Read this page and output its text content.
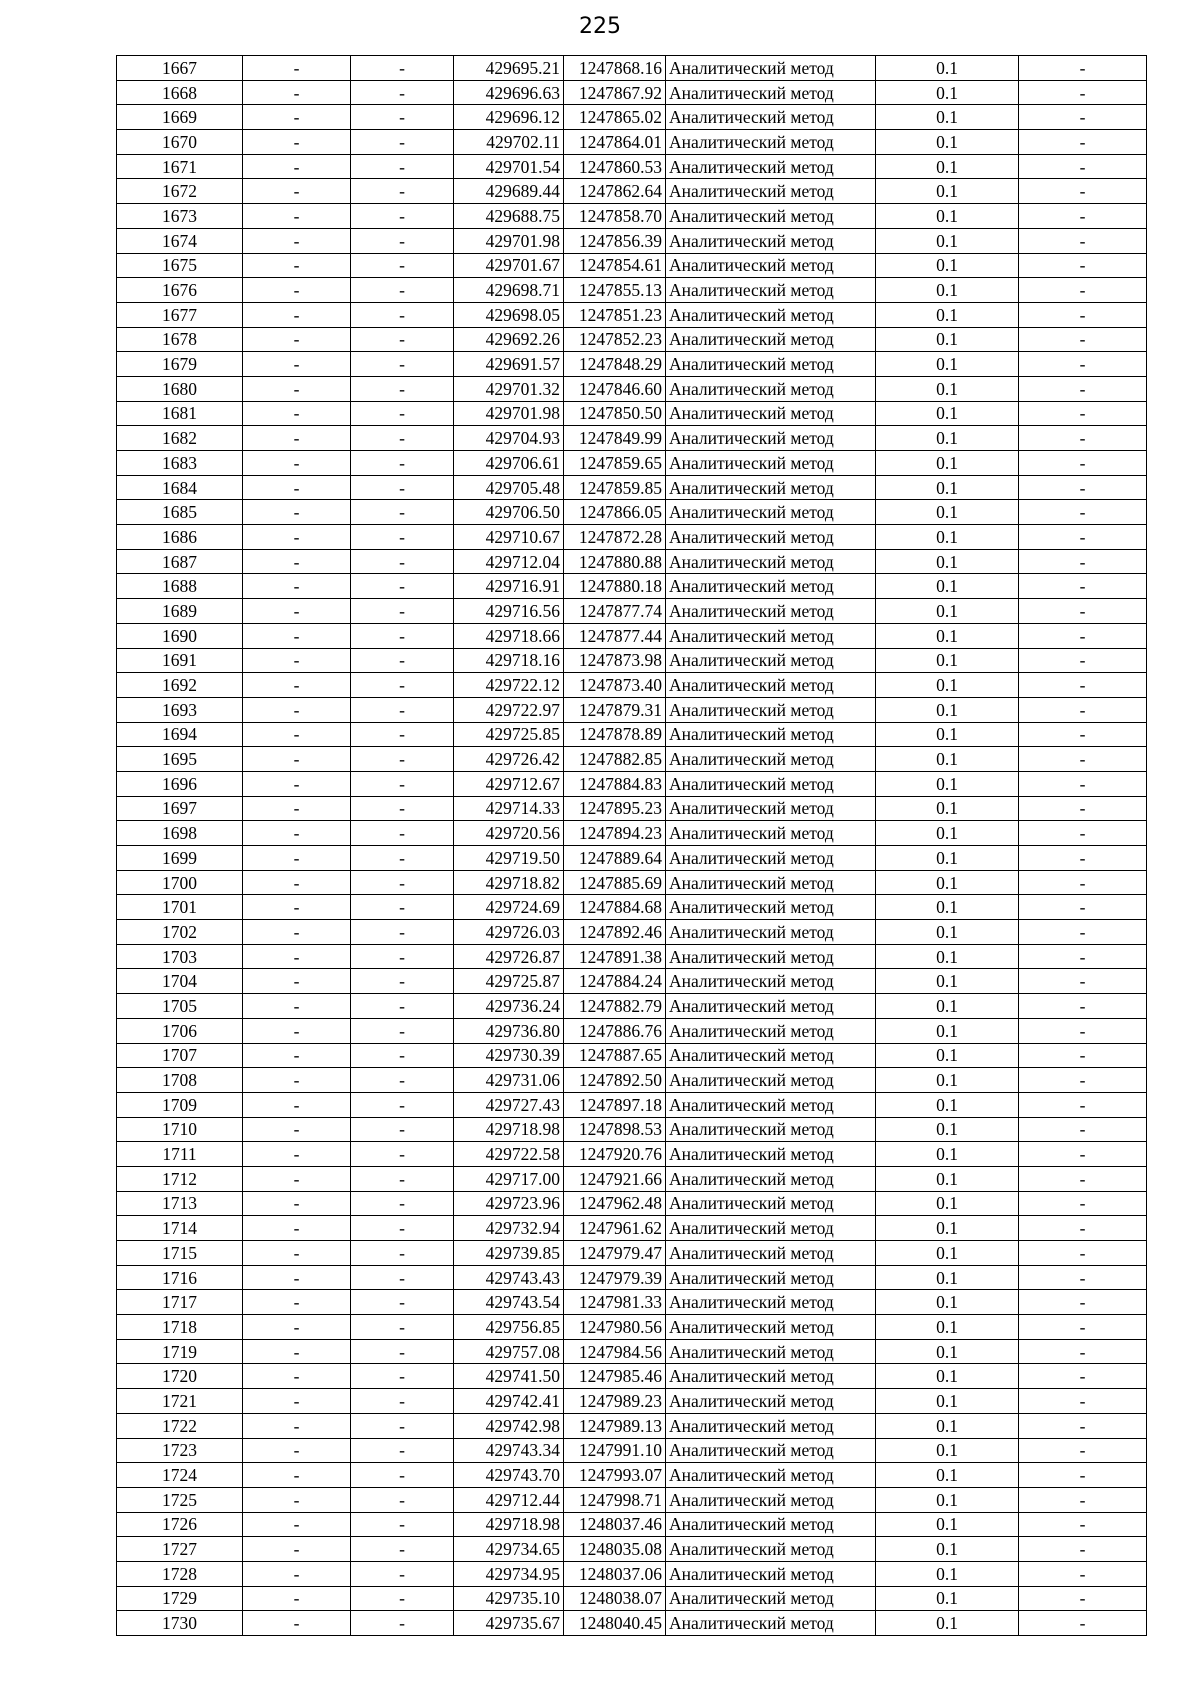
225
1667	-	-	429695.21	1247868.16	Аналитический метод	0.1	-
1668	-	-	429696.63	1247867.92	Аналитический метод	0.1	-
1669	-	-	429696.12	1247865.02	Аналитический метод	0.1	-
1670	-	-	429702.11	1247864.01	Аналитический метод	0.1	-
1671	-	-	429701.54	1247860.53	Аналитический метод	0.1	-
1672	-	-	429689.44	1247862.64	Аналитический метод	0.1	-
1673	-	-	429688.75	1247858.70	Аналитический метод	0.1	-
1674	-	-	429701.98	1247856.39	Аналитический метод	0.1	-
1675	-	-	429701.67	1247854.61	Аналитический метод	0.1	-
1676	-	-	429698.71	1247855.13	Аналитический метод	0.1	-
1677	-	-	429698.05	1247851.23	Аналитический метод	0.1	-
1678	-	-	429692.26	1247852.23	Аналитический метод	0.1	-
1679	-	-	429691.57	1247848.29	Аналитический метод	0.1	-
1680	-	-	429701.32	1247846.60	Аналитический метод	0.1	-
1681	-	-	429701.98	1247850.50	Аналитический метод	0.1	-
1682	-	-	429704.93	1247849.99	Аналитический метод	0.1	-
1683	-	-	429706.61	1247859.65	Аналитический метод	0.1	-
1684	-	-	429705.48	1247859.85	Аналитический метод	0.1	-
1685	-	-	429706.50	1247866.05	Аналитический метод	0.1	-
1686	-	-	429710.67	1247872.28	Аналитический метод	0.1	-
1687	-	-	429712.04	1247880.88	Аналитический метод	0.1	-
1688	-	-	429716.91	1247880.18	Аналитический метод	0.1	-
1689	-	-	429716.56	1247877.74	Аналитический метод	0.1	-
1690	-	-	429718.66	1247877.44	Аналитический метод	0.1	-
1691	-	-	429718.16	1247873.98	Аналитический метод	0.1	-
1692	-	-	429722.12	1247873.40	Аналитический метод	0.1	-
1693	-	-	429722.97	1247879.31	Аналитический метод	0.1	-
1694	-	-	429725.85	1247878.89	Аналитический метод	0.1	-
1695	-	-	429726.42	1247882.85	Аналитический метод	0.1	-
1696	-	-	429712.67	1247884.83	Аналитический метод	0.1	-
1697	-	-	429714.33	1247895.23	Аналитический метод	0.1	-
1698	-	-	429720.56	1247894.23	Аналитический метод	0.1	-
1699	-	-	429719.50	1247889.64	Аналитический метод	0.1	-
1700	-	-	429718.82	1247885.69	Аналитический метод	0.1	-
1701	-	-	429724.69	1247884.68	Аналитический метод	0.1	-
1702	-	-	429726.03	1247892.46	Аналитический метод	0.1	-
1703	-	-	429726.87	1247891.38	Аналитический метод	0.1	-
1704	-	-	429725.87	1247884.24	Аналитический метод	0.1	-
1705	-	-	429736.24	1247882.79	Аналитический метод	0.1	-
1706	-	-	429736.80	1247886.76	Аналитический метод	0.1	-
1707	-	-	429730.39	1247887.65	Аналитический метод	0.1	-
1708	-	-	429731.06	1247892.50	Аналитический метод	0.1	-
1709	-	-	429727.43	1247897.18	Аналитический метод	0.1	-
1710	-	-	429718.98	1247898.53	Аналитический метод	0.1	-
1711	-	-	429722.58	1247920.76	Аналитический метод	0.1	-
1712	-	-	429717.00	1247921.66	Аналитический метод	0.1	-
1713	-	-	429723.96	1247962.48	Аналитический метод	0.1	-
1714	-	-	429732.94	1247961.62	Аналитический метод	0.1	-
1715	-	-	429739.85	1247979.47	Аналитический метод	0.1	-
1716	-	-	429743.43	1247979.39	Аналитический метод	0.1	-
1717	-	-	429743.54	1247981.33	Аналитический метод	0.1	-
1718	-	-	429756.85	1247980.56	Аналитический метод	0.1	-
1719	-	-	429757.08	1247984.56	Аналитический метод	0.1	-
1720	-	-	429741.50	1247985.46	Аналитический метод	0.1	-
1721	-	-	429742.41	1247989.23	Аналитический метод	0.1	-
1722	-	-	429742.98	1247989.13	Аналитический метод	0.1	-
1723	-	-	429743.34	1247991.10	Аналитический метод	0.1	-
1724	-	-	429743.70	1247993.07	Аналитический метод	0.1	-
1725	-	-	429712.44	1247998.71	Аналитический метод	0.1	-
1726	-	-	429718.98	1248037.46	Аналитический метод	0.1	-
1727	-	-	429734.65	1248035.08	Аналитический метод	0.1	-
1728	-	-	429734.95	1248037.06	Аналитический метод	0.1	-
1729	-	-	429735.10	1248038.07	Аналитический метод	0.1	-
1730	-	-	429735.67	1248040.45	Аналитический метод	0.1	-
